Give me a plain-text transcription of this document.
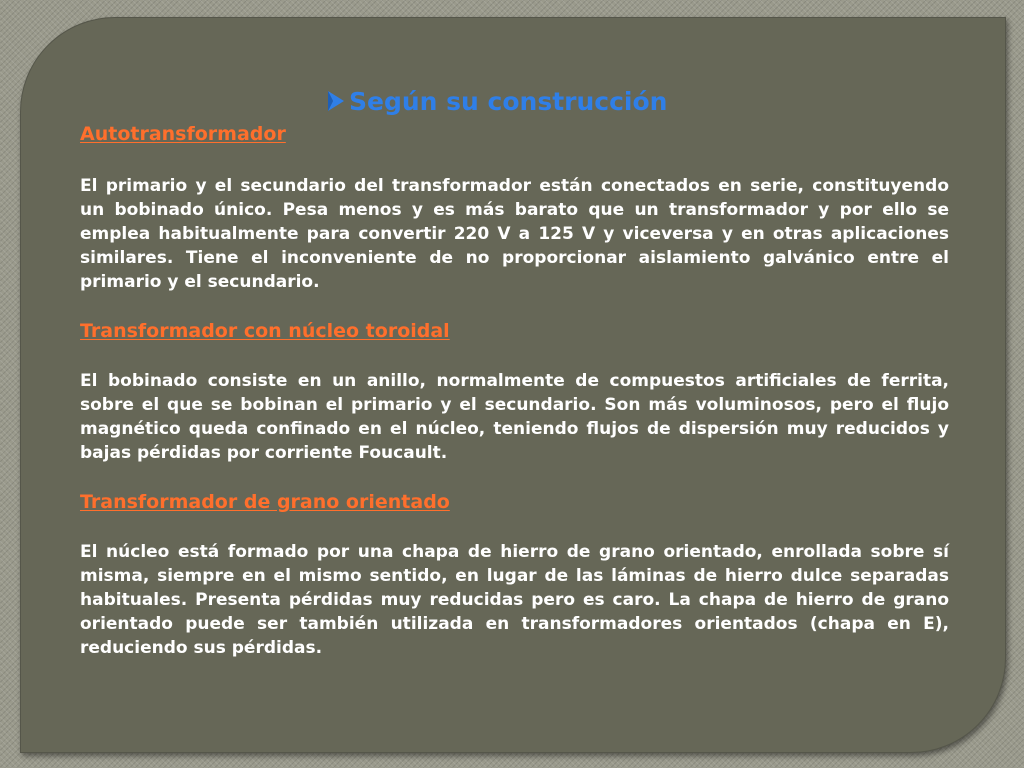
Según su construcción
Autotransformador

El primario y el secundario del transformador están conectados en serie, constituyendo un bobinado único. Pesa menos y es más barato que un transformador y por ello se emplea habitualmente para convertir 220 V a 125 V y viceversa y en otras aplicaciones similares. Tiene el inconveniente de no proporcionar aislamiento galvánico entre el primario y el secundario.

Transformador con núcleo toroidal

El bobinado consiste en un anillo, normalmente de compuestos artificiales de ferrita, sobre el que se bobinan el primario y el secundario. Son más voluminosos, pero el flujo magnético queda confinado en el núcleo, teniendo flujos de dispersión muy reducidos y bajas pérdidas por corriente Foucault.

Transformador de grano orientado

El núcleo está formado por una chapa de hierro de grano orientado, enrollada sobre sí misma, siempre en el mismo sentido, en lugar de las láminas de hierro dulce separadas habituales. Presenta pérdidas muy reducidas pero es caro. La chapa de hierro de grano orientado puede ser también utilizada en transformadores orientados (chapa en E), reduciendo sus pérdidas.
